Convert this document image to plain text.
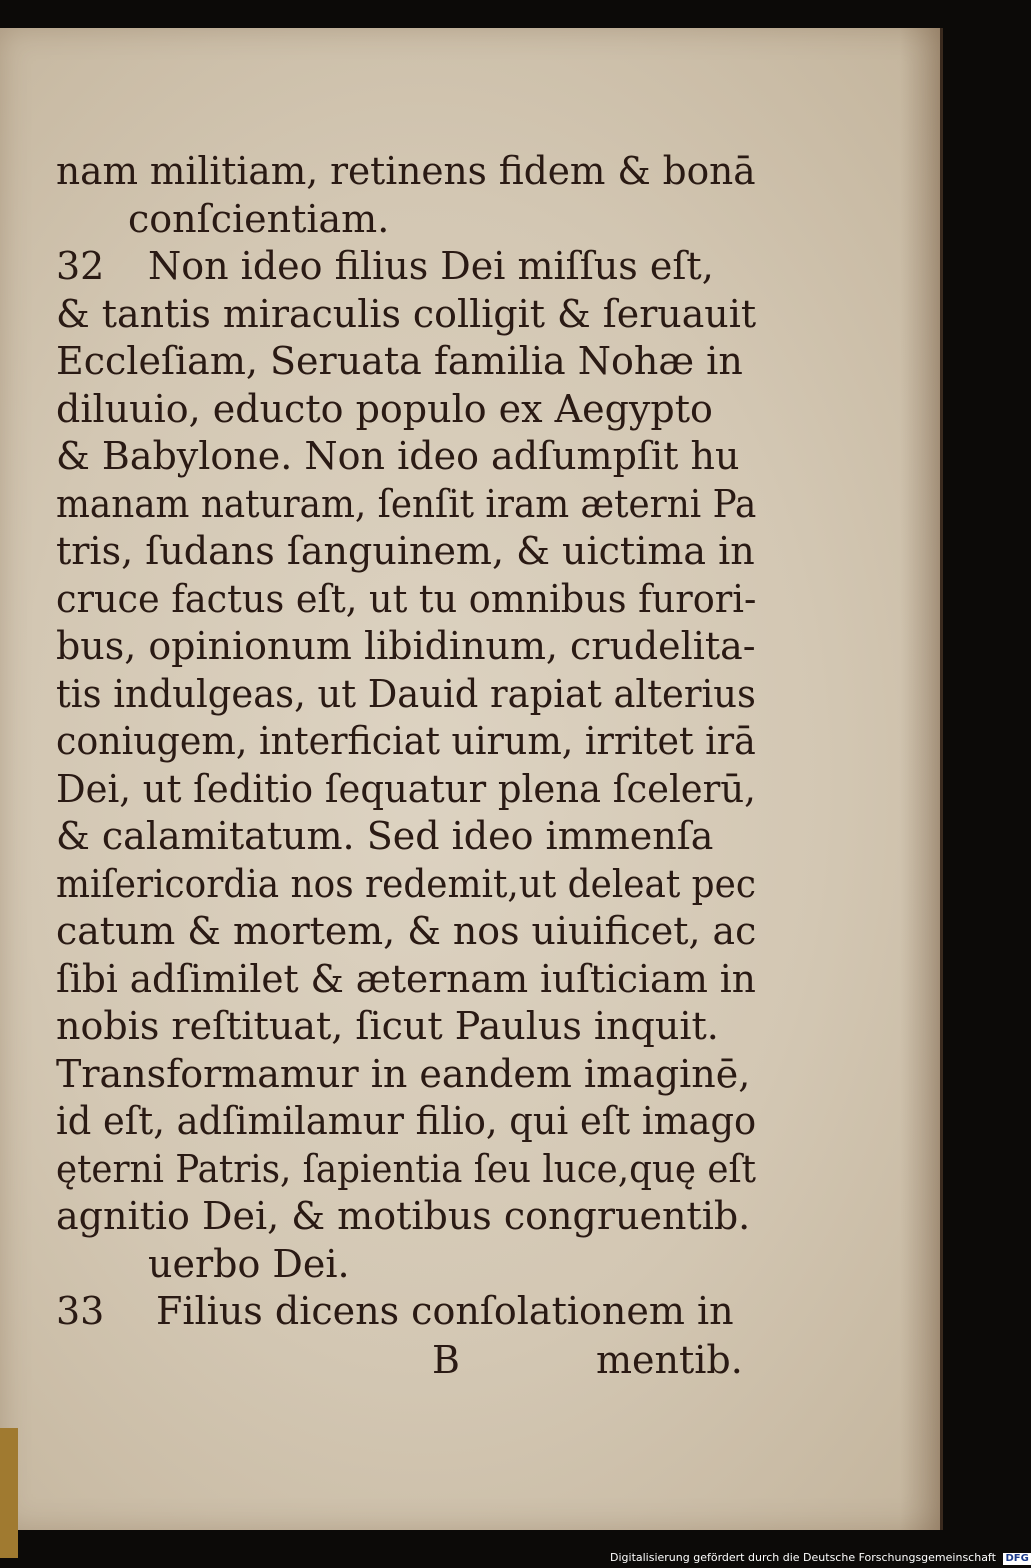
nam militiam, retinens fidem & bonā
conſcientiam.
32 Non ideo filius Dei miſſus eſt,
& tantis miraculis colligit & ſeruauit
Eccleſiam, Seruata familia Nohæ in
diluuio, educto populo ex Aegypto
& Babylone. Non ideo adſumpſit hu
manam naturam, ſenſit iram æterni Pa
tris, ſudans ſanguinem, & uictima in
cruce factus eſt, ut tu omnibus furori-
bus, opinionum libidinum, crudelita-
tis indulgeas, ut Dauid rapiat alterius
coniugem, interficiat uirum, irritet irā
Dei, ut ſeditio ſequatur plena ſcelerū,
& calamitatum. Sed ideo immenſa
miſericordia nos redemit,ut deleat pec
catum & mortem, & nos uiuificet, ac
ſibi adſimilet & æternam iuſticiam in
nobis reſtituat, ſicut Paulus inquit.
Transformamur in eandem imaginē,
id eſt, adſimilamur filio, qui eſt imago
ęterni Patris, ſapientia ſeu luce,quę eſt
agnitio Dei, & motibus congruentib.
uerbo Dei.
33 Filius dicens conſolationem in
B	mentib.
Digitalisierung gefördert durch die Deutsche Forschungsgemeinschaft DFG
